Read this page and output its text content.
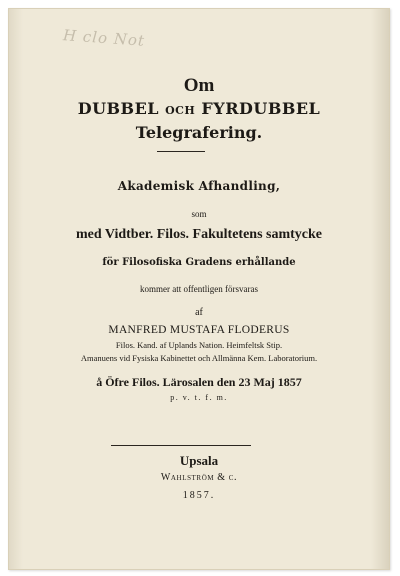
H clo Not
Om
DUBBEL OCH FYRDUBBEL
Telegrafering.
Akademisk Afhandling,
som
med Vidtber. Filos. Fakultetens samtycke
för Filosofiska Gradens erhållande
kommer att offentligen försvaras
af
MANFRED MUSTAFA FLODERUS
Filos. Kand. af Uplands Nation. Heimfeltsk Stip.
Amanuens vid Fysiska Kabinettet och Allmänna Kem. Laboratorium.
å Öfre Filos. Lärosalen den 23 Maj 1857
p. v. t. f. m.
Upsala
Wahlström & c.
1857.
